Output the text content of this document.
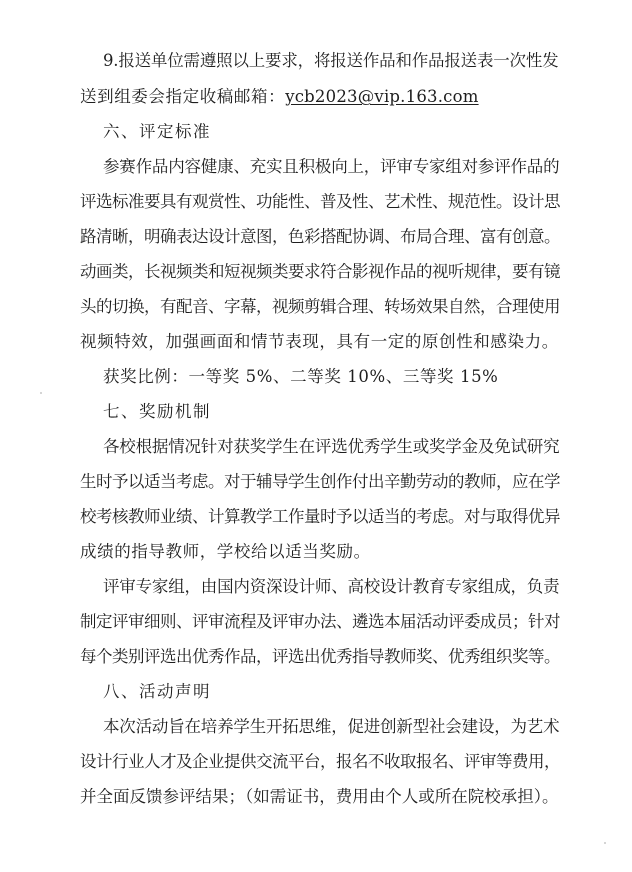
9.报送单位需遵照以上要求，将报送作品和作品报送表一次性发
送到组委会指定收稿邮箱：ycb2023@vip.163.com
六、评定标准
参赛作品内容健康、充实且积极向上，评审专家组对参评作品的
评选标准要具有观赏性、功能性、普及性、艺术性、规范性。设计思
路清晰，明确表达设计意图，色彩搭配协调、布局合理、富有创意。
动画类，长视频类和短视频类要求符合影视作品的视听规律，要有镜
头的切换，有配音、字幕，视频剪辑合理、转场效果自然，合理使用
视频特效，加强画面和情节表现，具有一定的原创性和感染力。
获奖比例：一等奖 5%、二等奖 10%、三等奖 15%
七、奖励机制
各校根据情况针对获奖学生在评选优秀学生或奖学金及免试研究
生时予以适当考虑。对于辅导学生创作付出辛勤劳动的教师，应在学
校考核教师业绩、计算教学工作量时予以适当的考虑。对与取得优异
成绩的指导教师，学校给以适当奖励。
评审专家组，由国内资深设计师、高校设计教育专家组成，负责
制定评审细则、评审流程及评审办法、遴选本届活动评委成员；针对
每个类别评选出优秀作品，评选出优秀指导教师奖、优秀组织奖等。
八、活动声明
本次活动旨在培养学生开拓思维，促进创新型社会建设，为艺术
设计行业人才及企业提供交流平台，报名不收取报名、评审等费用，
并全面反馈参评结果；（如需证书，费用由个人或所在院校承担）。
